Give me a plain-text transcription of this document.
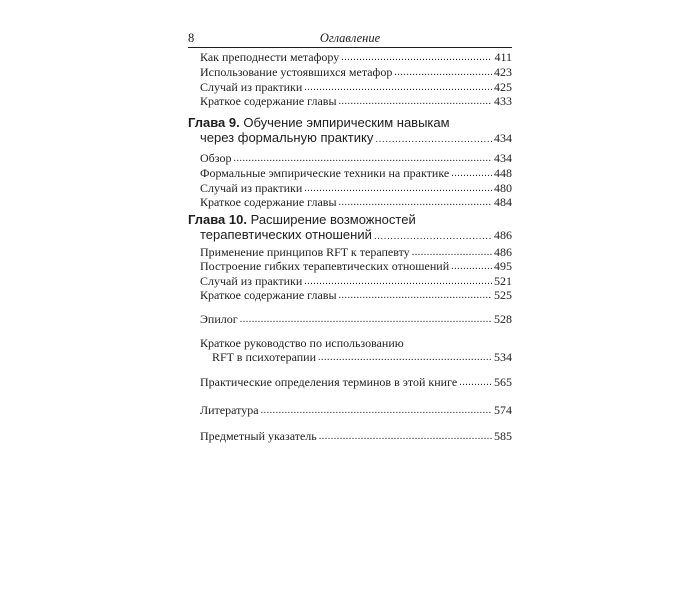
8	Оглавление
Как преподнести метафору .....	411
Использование устоявшихся метафор .....	423
Случай из практики .....	425
Краткое содержание главы .....	433
Глава 9. Обучение эмпирическим навыкам
через формальную практику .....	434
Обзор .....	434
Формальные эмпирические техники на практике .....	448
Случай из практики .....	480
Краткое содержание главы .....	484
Глава 10. Расширение возможностей
терапевтических отношений .....	486
Применение принципов RFT к терапевту .....	486
Построение гибких терапевтических отношений .....	495
Случай из практики .....	521
Краткое содержание главы .....	525
Эпилог .....	528
Краткое руководство по использованию
RFT в психотерапии .....	534
Практические определения терминов в этой книге .....	565
Литература .....	574
Предметный указатель .....	585
